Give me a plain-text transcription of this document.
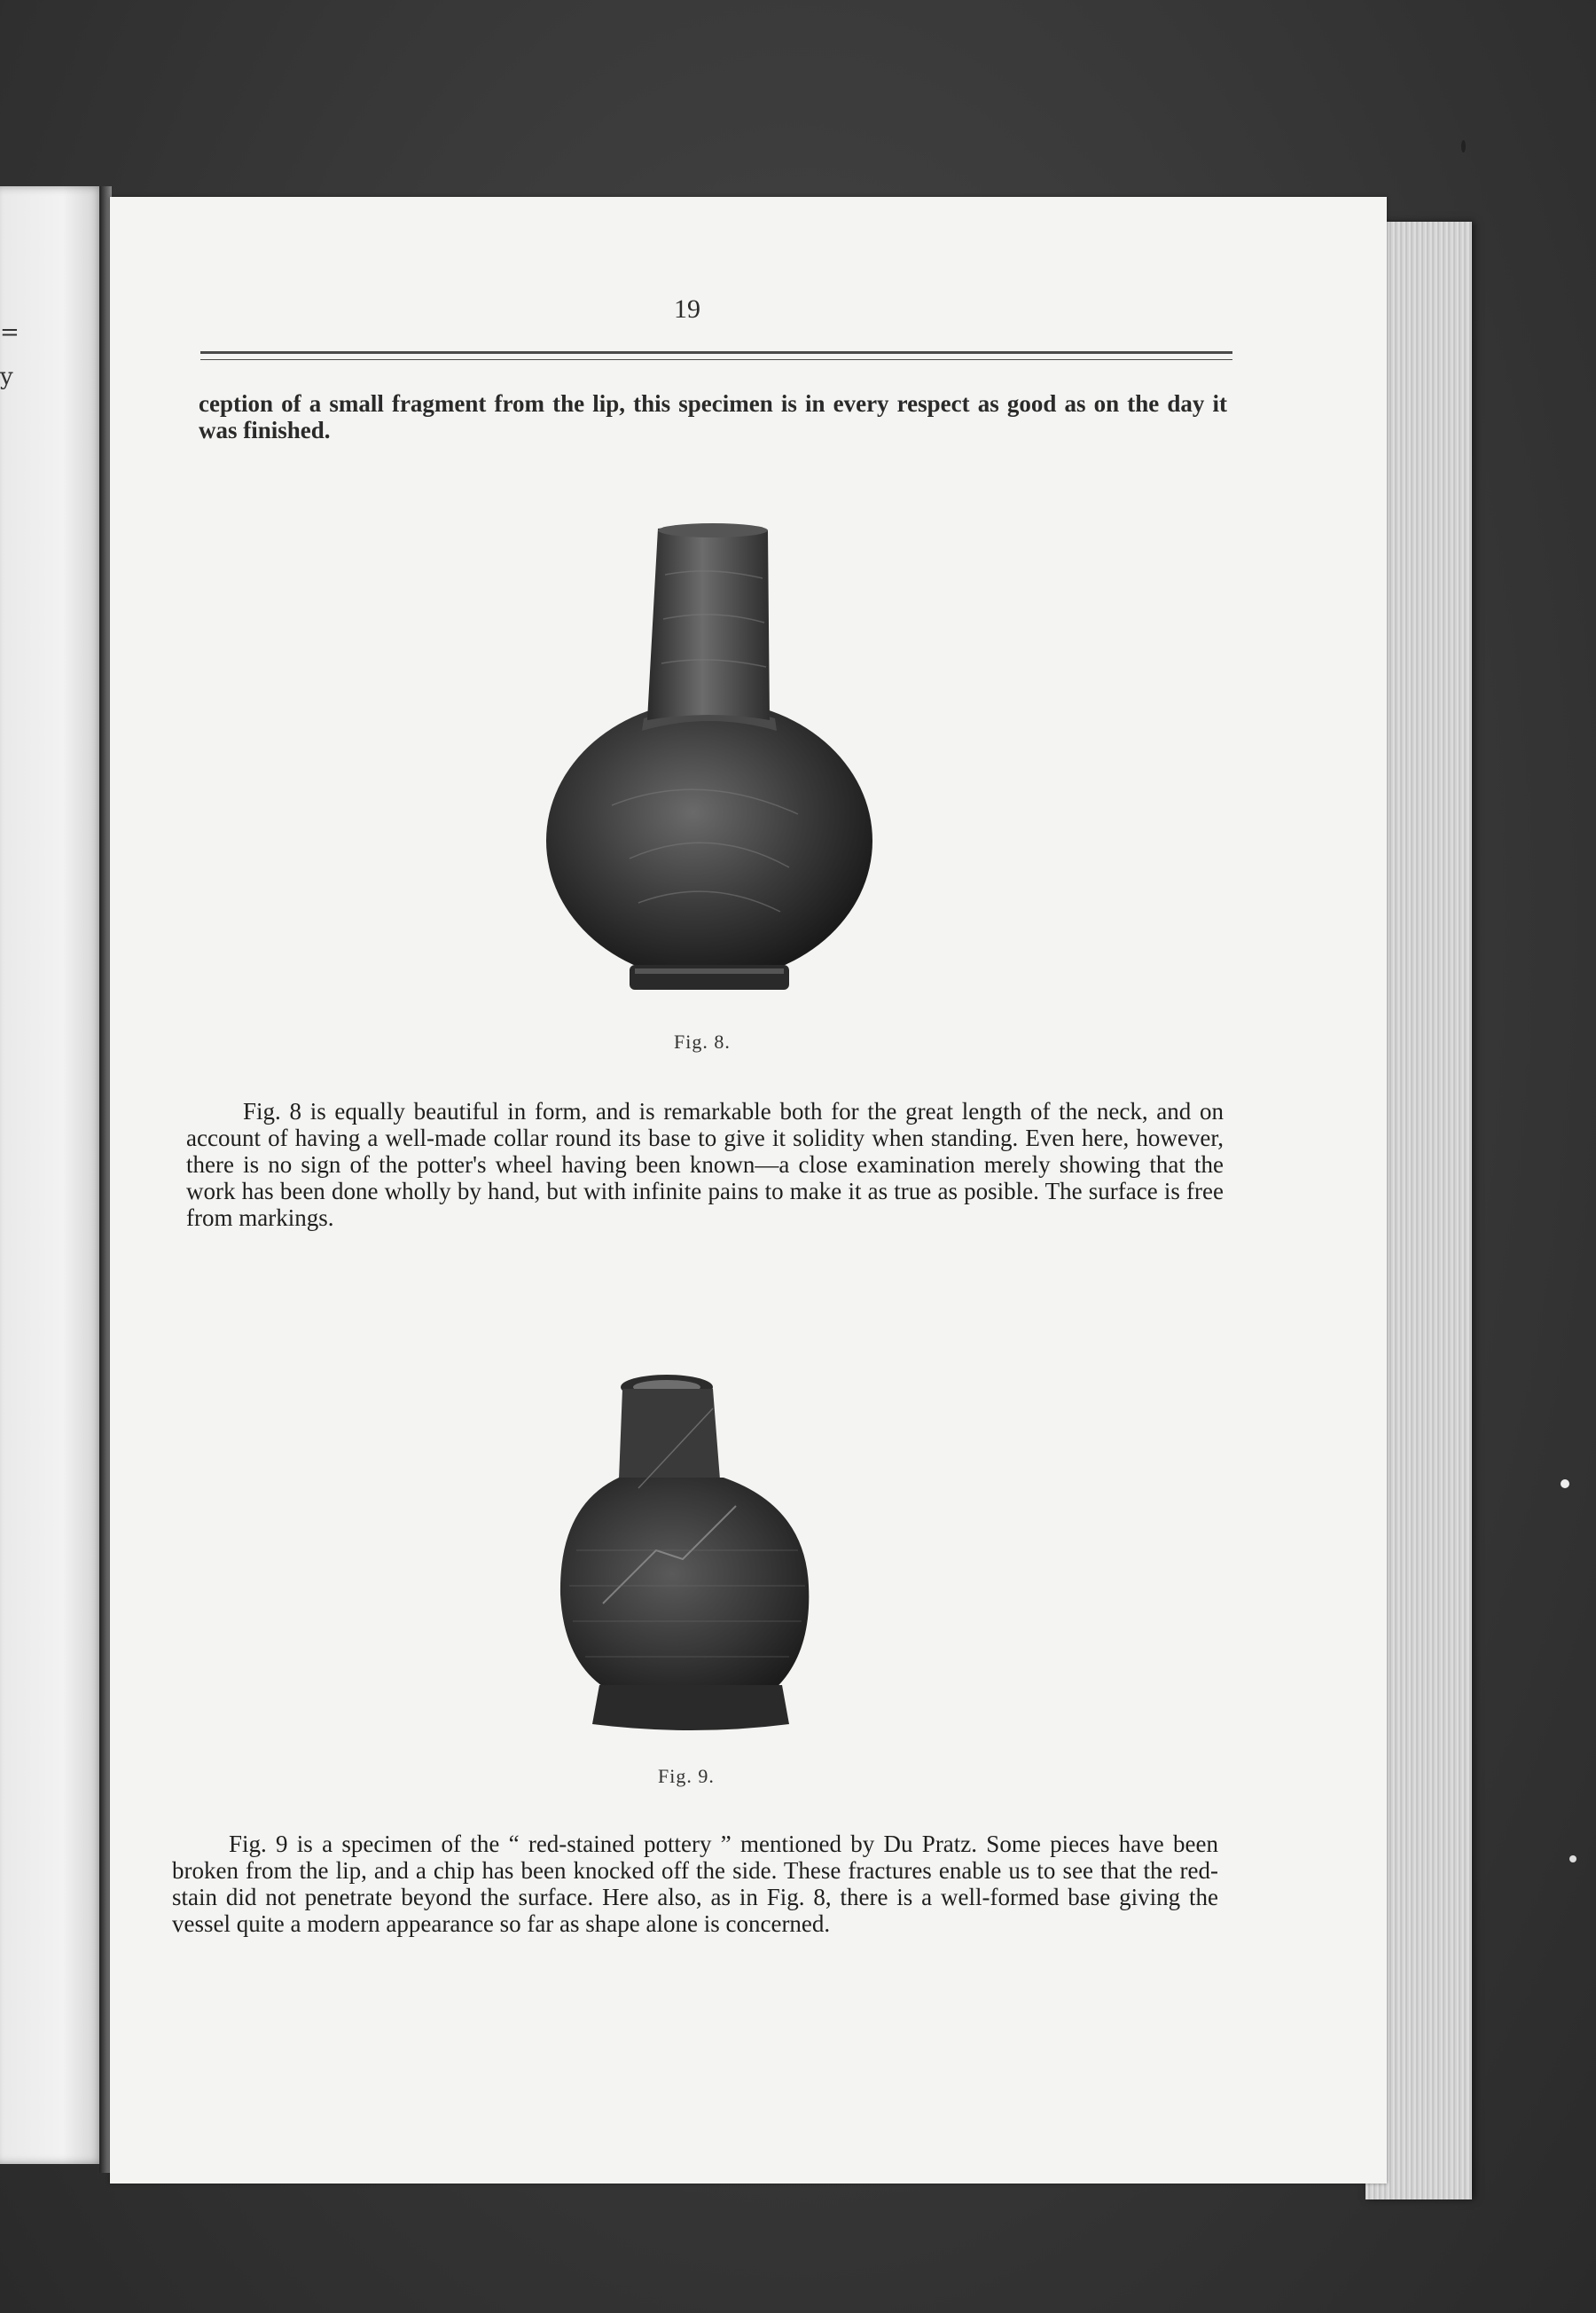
=
y
19

ception of a small fragment from the lip, this specimen is in every respect as good as on the day it was finished.

Fig. 8.

Fig. 8 is equally beautiful in form, and is remarkable both for the great length of the neck, and on account of having a well-made collar round its base to give it solidity when standing. Even here, however, there is no sign of the potter's wheel having been known—a close examination merely showing that the work has been done wholly by hand, but with infinite pains to make it as true as posible. The surface is free from markings.

Fig. 9.

Fig. 9 is a specimen of the “ red-stained pottery ” mentioned by Du Pratz. Some pieces have been broken from the lip, and a chip has been knocked off the side. These fractures enable us to see that the red-stain did not penetrate beyond the surface. Here also, as in Fig. 8, there is a well-formed base giving the vessel quite a modern appearance so far as shape alone is concerned.
